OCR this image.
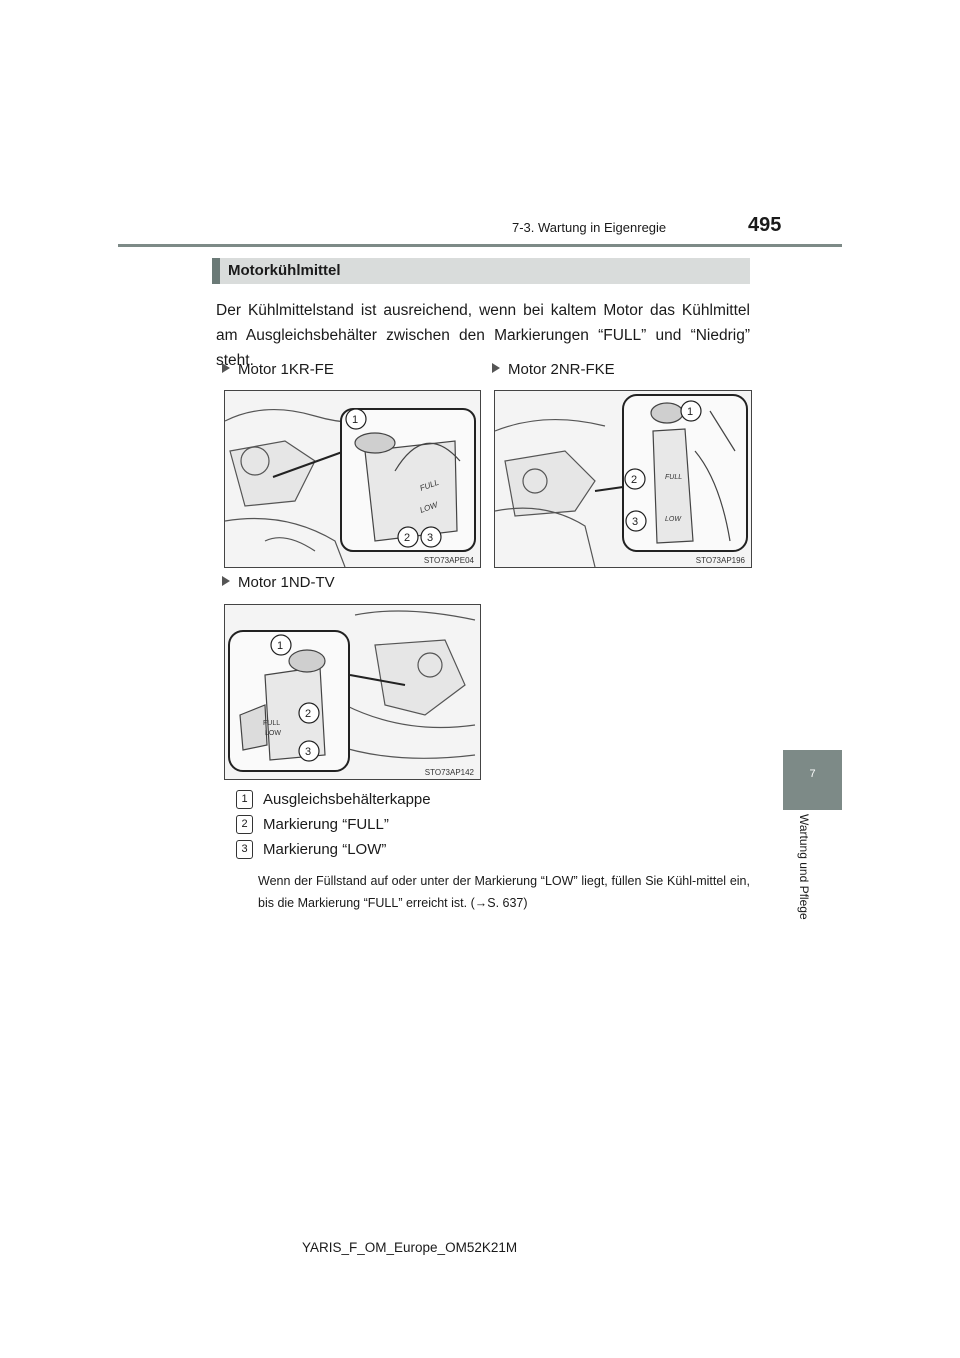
7-3. Wartung in Eigenregie	495
Motorkühlmittel

Der Kühlmittelstand ist ausreichend, wenn bei kaltem Motor das Kühlmittel am Ausgleichsbehälter zwischen den Markierungen “FULL” und “Niedrig” steht.

Motor 1KR-FE	Motor 2NR-FKE
FULL
LOW
1
2 3
STO73APE04
FULL
LOW
1
2
3
STO73AP196
Motor 1ND-TV
FULL
LOW
1
2
3
STO73AP142
1	Ausgleichsbehälterkappe
2	Markierung “FULL”
3	Markierung “LOW”

Wenn der Füllstand auf oder unter der Markierung “LOW” liegt, füllen Sie Kühl-mittel ein, bis die Markierung “FULL” erreicht ist. (→S. 637)

7
Wartung und Pflege
YARIS_F_OM_Europe_OM52K21M
